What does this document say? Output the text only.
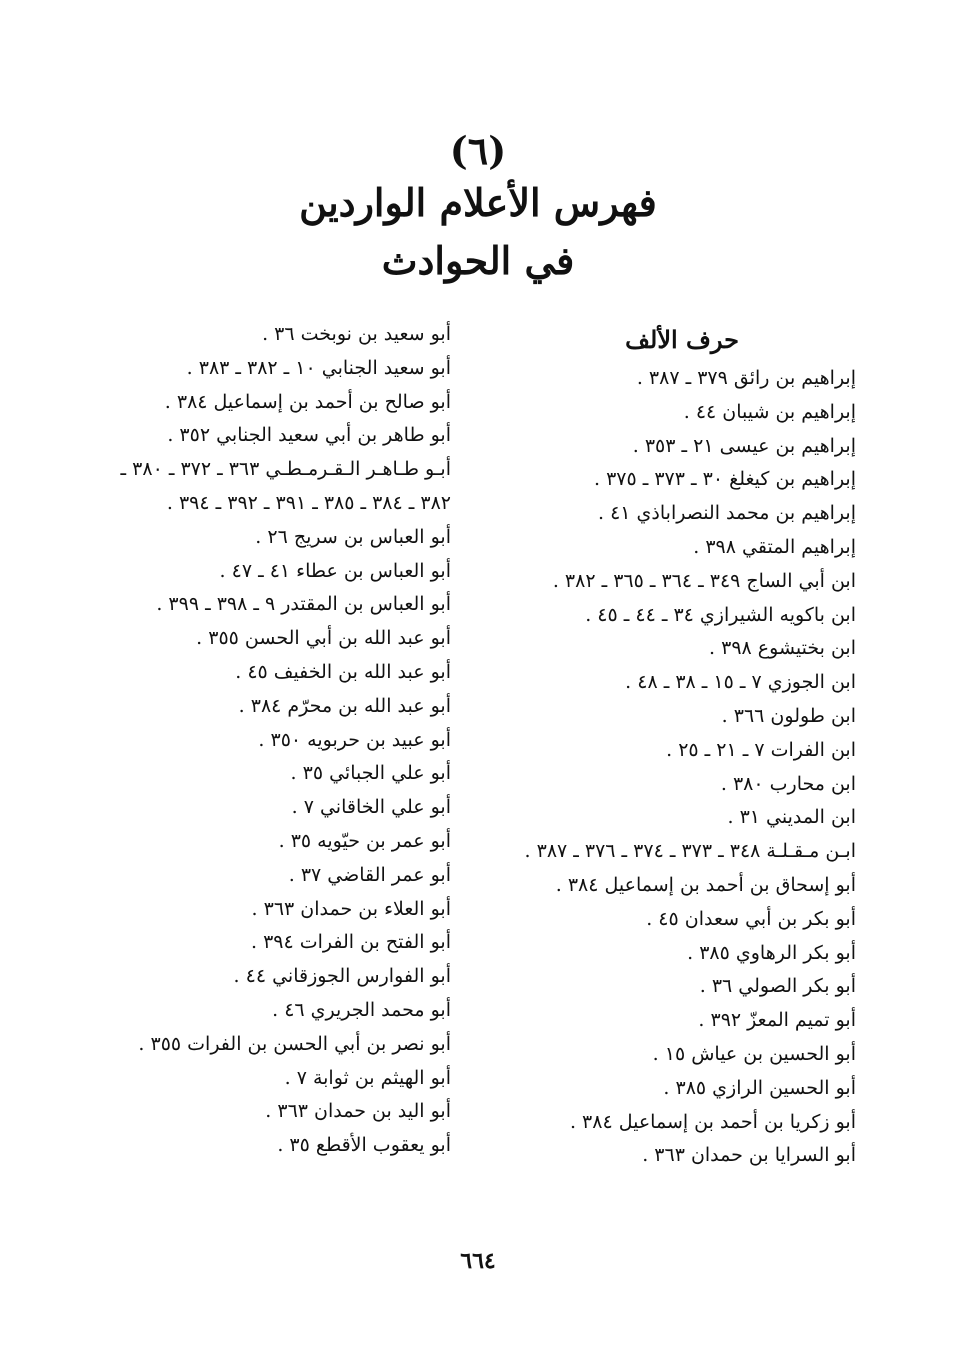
(٦)
فهرس الأعلام الواردين
في الحوادث
حرف الألف
إبراهيم بن رائق ٣٧٩ ـ ٣٨٧ .
إبراهيم بن شيبان ٤٤ .
إبراهيم بن عيسى ٢١ ـ ٣٥٣ .
إبراهيم بن كيغلغ ٣٠ ـ ٣٧٣ ـ ٣٧٥ .
إبراهيم بن محمد النصراباذي ٤١ .
إبراهيم المتقي ٣٩٨ .
ابن أبي الساج ٣٤٩ ـ ٣٦٤ ـ ٣٦٥ ـ ٣٨٢ .
ابن باكويه الشيرازي ٣٤ ـ ٤٤ ـ ٤٥ .
ابن بختيشوع ٣٩٨ .
ابن الجوزي ٧ ـ ١٥ ـ ٣٨ ـ ٤٨ .
ابن طولون ٣٦٦ .
ابن الفرات ٧ ـ ٢١ ـ ٢٥ .
ابن محارب ٣٨٠ .
ابن المديني ٣١ .
ابـن مـقـلـة ٣٤٨ ـ ٣٧٣ ـ ٣٧٤ ـ ٣٧٦ ـ ٣٨٧ .
أبو إسحاق بن أحمد بن إسماعيل ٣٨٤ .
أبو بكر بن أبي سعدان ٤٥ .
أبو بكر الرهاوي ٣٨٥ .
أبو بكر الصولي ٣٦ .
أبو تميم المعزّ ٣٩٢ .
أبو الحسين بن عياش ١٥ .
أبو الحسين الرازي ٣٨٥ .
أبو زكريا بن أحمد بن إسماعيل ٣٨٤ .
أبو السرايا بن حمدان ٣٦٣ .
أبو سعيد بن نوبخت ٣٦ .
أبو سعيد الجنابي ١٠ ـ ٣٨٢ ـ ٣٨٣ .
أبو صالح بن أحمد بن إسماعيل ٣٨٤ .
أبو طاهر بن أبي سعيد الجنابي ٣٥٢ .
أبـو طـاهـر الـقـرمـطـي ٣٦٣ ـ ٣٧٢ ـ ٣٨٠ ـ ٣٨٢ ـ ٣٨٤ ـ ٣٨٥ ـ ٣٩١ ـ ٣٩٢ ـ ٣٩٤ .
أبو العباس بن سريج ٢٦ .
أبو العباس بن عطاء ٤١ ـ ٤٧ .
أبو العباس بن المقتدر ٩ ـ ٣٩٨ ـ ٣٩٩ .
أبو عبد الله بن أبي الحسن ٣٥٥ .
أبو عبد الله بن الخفيف ٤٥ .
أبو عبد الله بن محرّم ٣٨٤ .
أبو عبيد بن حربويه ٣٥٠ .
أبو علي الجبائي ٣٥ .
أبو علي الخاقاني ٧ .
أبو عمر بن حيّويه ٣٥ .
أبو عمر القاضي ٣٧ .
أبو العلاء بن حمدان ٣٦٣ .
أبو الفتح بن الفرات ٣٩٤ .
أبو الفوارس الجوزقاني ٤٤ .
أبو محمد الجريري ٤٦ .
أبو نصر بن أبي الحسن بن الفرات ٣٥٥ .
أبو الهيثم بن ثوابة ٧ .
أبو اليد بن حمدان ٣٦٣ .
أبو يعقوب الأقطع ٣٥ .
٦٦٤
